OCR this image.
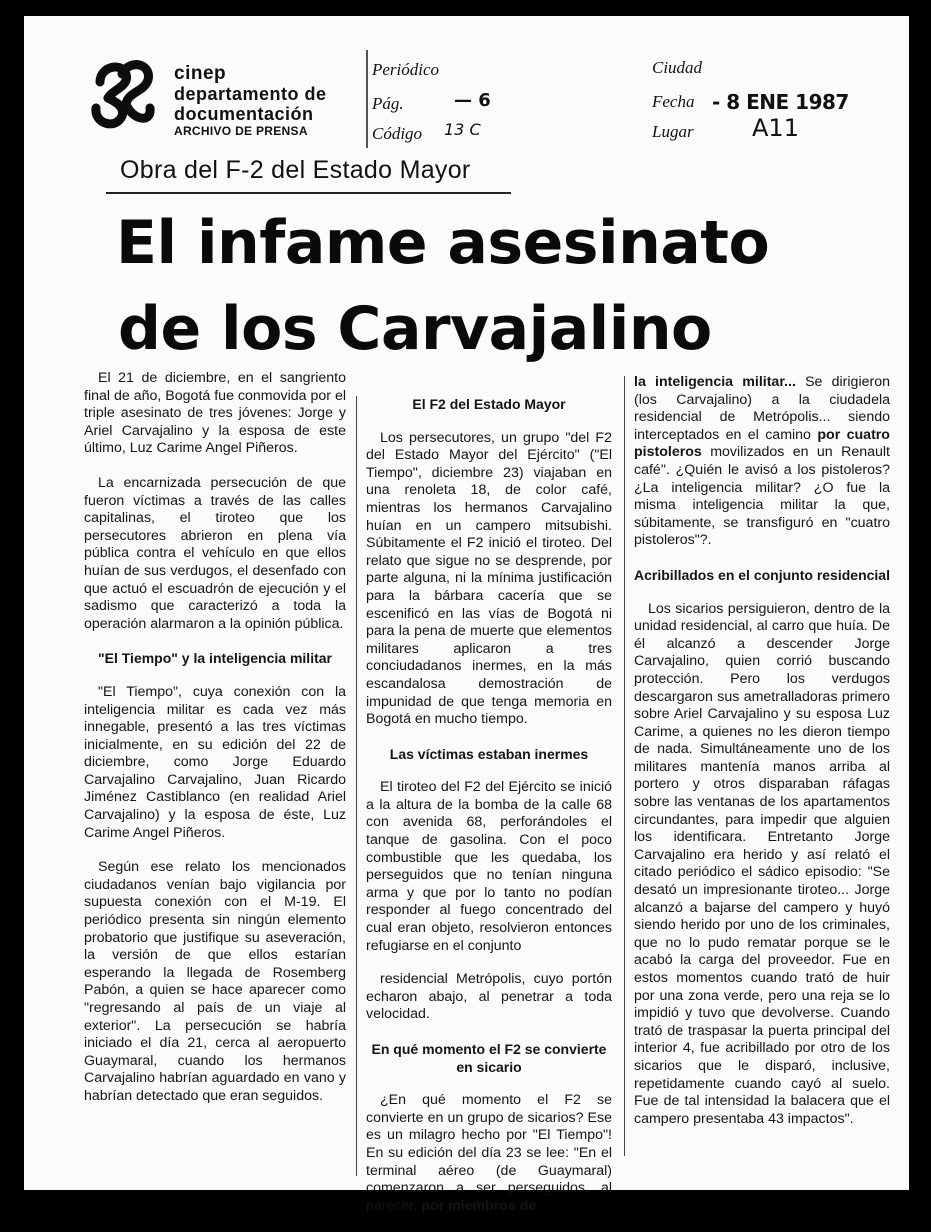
cinep
departamento de
documentación
ARCHIVO DE PRENSA
Periódico
Pág.
Código
Ciudad
Fecha
Lugar
— 6
13 C
- 8 ENE 1987
A11
Obra del F-2 del Estado Mayor
El infame asesinato
de los Carvajalino

El 21 de diciembre, en el sangriento final de año, Bogotá fue conmovida por el triple asesinato de tres jóvenes: Jorge y Ariel Carvajalino y la esposa de este último, Luz Carime Angel Piñeros.

La encarnizada persecución de que fueron víctimas a través de las calles capitalinas, el tiroteo que los persecutores abrieron en plena vía pública contra el vehículo en que ellos huían de sus verdugos, el desenfado con que actuó el escuadrón de ejecución y el sadismo que caracterizó a toda la operación alarmaron a la opinión pública.

"El Tiempo" y la inteligencia militar

"El Tiempo", cuya conexión con la inteligencia militar es cada vez más innegable, presentó a las tres víctimas inicialmente, en su edición del 22 de diciembre, como Jorge Eduardo Carvajalino Carvajalino, Juan Ricardo Jiménez Castiblanco (en realidad Ariel Carvajalino) y la esposa de éste, Luz Carime Angel Piñeros.

Según ese relato los mencionados ciudadanos venían bajo vigilancia por supuesta conexión con el M-19. El periódico presenta sin ningún elemento probatorio que justifique su aseveración, la versión de que ellos estarían esperando la llegada de Rosemberg Pabón, a quien se hace aparecer como "regresando al país de un viaje al exterior". La persecución se habría iniciado el día 21, cerca al aeropuerto Guaymaral, cuando los hermanos Carvajalino habrían aguardado en vano y habrían detectado que eran seguidos.

El F2 del Estado Mayor

Los persecutores, un grupo "del F2 del Estado Mayor del Ejército" ("El Tiempo", diciembre 23) viajaban en una renoleta 18, de color café, mientras los hermanos Carvajalino huían en un campero mitsubishi. Súbitamente el F2 inició el tiroteo. Del relato que sigue no se desprende, por parte alguna, ni la mínima justificación para la bárbara cacería que se escenificó en las vías de Bogotá ni para la pena de muerte que elementos militares aplicaron a tres conciudadanos inermes, en la más escandalosa demostración de impunidad de que tenga memoria en Bogotá en mucho tiempo.

Las víctimas estaban inermes

El tiroteo del F2 del Ejército se inició a la altura de la bomba de la calle 68 con avenida 68, perforándoles el tanque de gasolina. Con el poco combustible que les quedaba, los perseguidos que no tenían ninguna arma y que por lo tanto no podían responder al fuego concentrado del cual eran objeto, resolvieron entonces refugiarse en el conjunto

residencial Metrópolis, cuyo portón echaron abajo, al penetrar a toda velocidad.

En qué momento el F2 se convierte en sicario

¿En qué momento el F2 se convierte en un grupo de sicarios? Ese es un milagro hecho por "El Tiempo"! En su edición del día 23 se lee: "En el terminal aéreo (de Guaymaral) comenzaron a ser perseguidos, al parecer, por miembros de

la inteligencia militar... Se dirigieron (los Carvajalino) a la ciudadela residencial de Metrópolis... siendo interceptados en el camino por cuatro pistoleros movilizados en un Renault café". ¿Quién le avisó a los pistoleros? ¿La inteligencia militar? ¿O fue la misma inteligencia militar la que, súbitamente, se transfiguró en "cuatro pistoleros"?.

Acribillados en el conjunto residencial

Los sicarios persiguieron, dentro de la unidad residencial, al carro que huía. De él alcanzó a descender Jorge Carvajalino, quien corrió buscando protección. Pero los verdugos descargaron sus ametralladoras primero sobre Ariel Carvajalino y su esposa Luz Carime, a quienes no les dieron tiempo de nada. Simultáneamente uno de los militares mantenía manos arriba al portero y otros disparaban ráfagas sobre las ventanas de los apartamentos circundantes, para impedir que alguien los identificara. Entretanto Jorge Carvajalino era herido y así relató el citado periódico el sádico episodio: "Se desató un impresionante tiroteo... Jorge alcanzó a bajarse del campero y huyó siendo herido por uno de los criminales, que no lo pudo rematar porque se le acabó la carga del proveedor. Fue en estos momentos cuando trató de huir por una zona verde, pero una reja se lo impidió y tuvo que devolverse. Cuando trató de traspasar la puerta principal del interior 4, fue acribillado por otro de los sicarios que le disparó, inclusive, repetidamente cuando cayó al suelo. Fue de tal intensidad la balacera que el campero presentaba 43 impactos".
